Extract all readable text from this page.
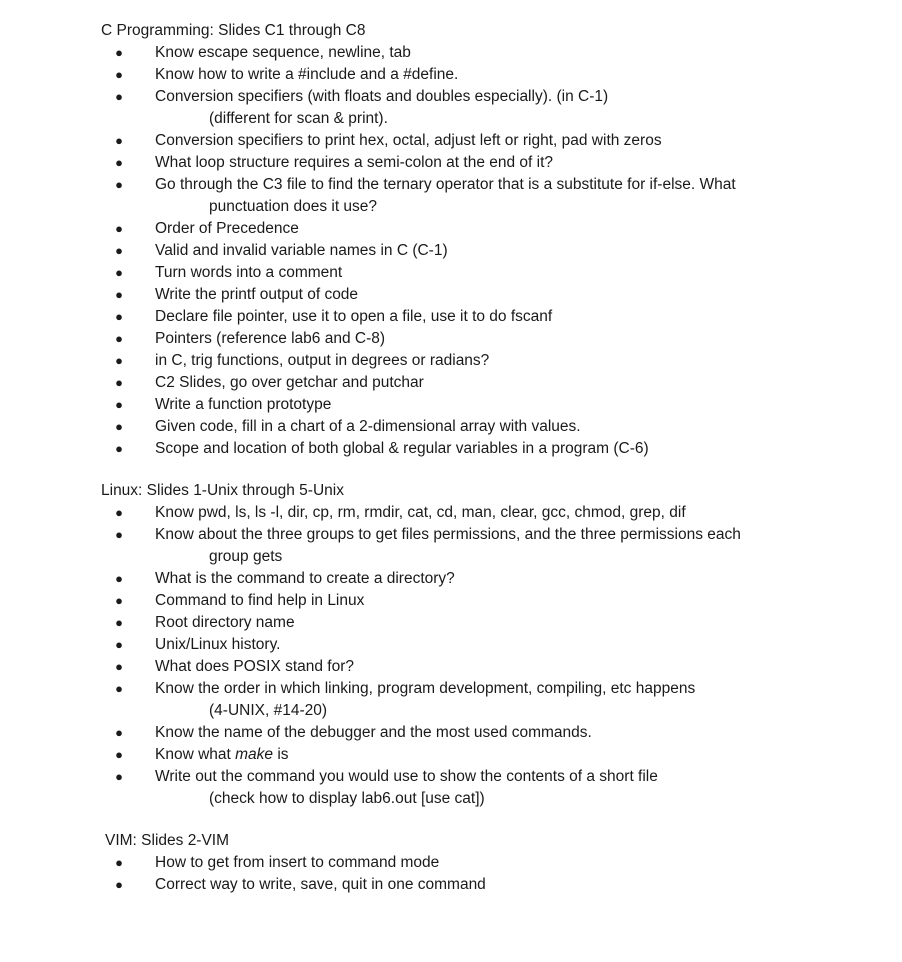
C Programming: Slides C1 through C8
● Know escape sequence, newline, tab
● Know how to write a #include and a #define.
● Conversion specifiers (with floats and doubles especially). (in C-1)
(different for scan & print).
● Conversion specifiers to print hex, octal, adjust left or right, pad with zeros
● What loop structure requires a semi-colon at the end of it?
● Go through the C3 file to find the ternary operator that is a substitute for if-else. What
punctuation does it use?
● Order of Precedence
● Valid and invalid variable names in C (C-1)
● Turn words into a comment
● Write the printf output of code
● Declare file pointer, use it to open a file, use it to do fscanf
● Pointers (reference lab6 and C-8)
● in C, trig functions, output in degrees or radians?
● C2 Slides, go over getchar and putchar
● Write a function prototype
● Given code, fill in a chart of a 2-dimensional array with values.
● Scope and location of both global & regular variables in a program (C-6)
Linux: Slides 1-Unix through 5-Unix
● Know pwd, ls, ls -l, dir, cp, rm, rmdir, cat, cd, man, clear, gcc, chmod, grep, dif
● Know about the three groups to get files permissions, and the three permissions each
group gets
● What is the command to create a directory?
● Command to find help in Linux
● Root directory name
● Unix/Linux history.
● What does POSIX stand for?
● Know the order in which linking, program development, compiling, etc happens
(4-UNIX, #14-20)
● Know the name of the debugger and the most used commands.
● Know what make is
● Write out the command you would use to show the contents of a short file
(check how to display lab6.out [use cat])
VIM: Slides 2-VIM
● How to get from insert to command mode
● Correct way to write, save, quit in one command
